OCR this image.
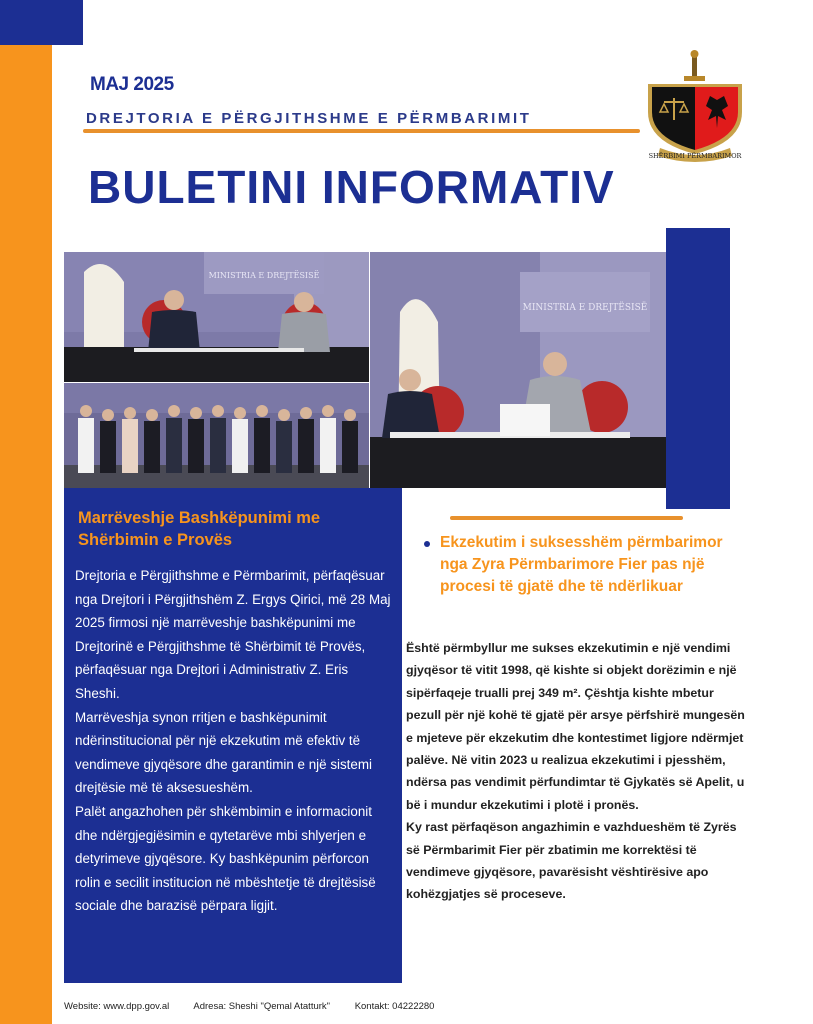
MAJ 2025
DREJTORIA E PËRGJITHSHME E PËRMBARIMIT
BULETINI INFORMATIV
SHËRBIMI PËRMBARIMOR
MINISTRIA E DREJTËSISË
MINISTRIA E DREJTËSISË
Marrëveshje Bashkëpunimi me Shërbimin e Provës

Drejtoria e Përgjithshme e Përmbarimit, përfaqësuar nga Drejtori i Përgjithshëm Z. Ergys Qirici, më 28 Maj 2025 firmosi një marrëveshje bashkëpunimi me Drejtorinë e Përgjithshme të Shërbimit të Provës, përfaqësuar nga Drejtori i Administrativ Z. Eris Sheshi.

Marrëveshja synon rritjen e bashkëpunimit ndërinstitucional për një ekzekutim më efektiv të vendimeve gjyqësore dhe garantimin e një sistemi drejtësie më të aksesueshëm.

Palët angazhohen për shkëmbimin e informacionit dhe ndërgjegjësimin e qytetarëve mbi shlyerjen e detyrimeve gjyqësore. Ky bashkëpunim përforcon rolin e secilit institucion në mbështetje të drejtësisë sociale dhe barazisë përpara ligjit.

Ekzekutim i suksesshëm përmbarimor nga Zyra Përmbarimore Fier pas një procesi të gjatë dhe të ndërlikuar

Është përmbyllur me sukses ekzekutimin e një vendimi gjyqësor të vitit 1998, që kishte si objekt dorëzimin e një sipërfaqeje trualli prej 349 m². Çështja kishte mbetur pezull për një kohë të gjatë për arsye përfshirë mungesën e mjeteve për ekzekutim dhe kontestimet ligjore ndërmjet palëve. Në vitin 2023 u realizua ekzekutimi i pjesshëm, ndërsa pas vendimit përfundimtar të Gjykatës së Apelit, u bë i mundur ekzekutimi i plotë i pronës.

Ky rast përfaqëson angazhimin e vazhdueshëm të Zyrës së Përmbarimit Fier për zbatimin me korrektësi të vendimeve gjyqësore, pavarësisht vështirësive apo kohëzgjatjes së proceseve.

Website: www.dpp.gov.al	Adresa: Sheshi "Qemal Atatturk"	Kontakt: 04222280
